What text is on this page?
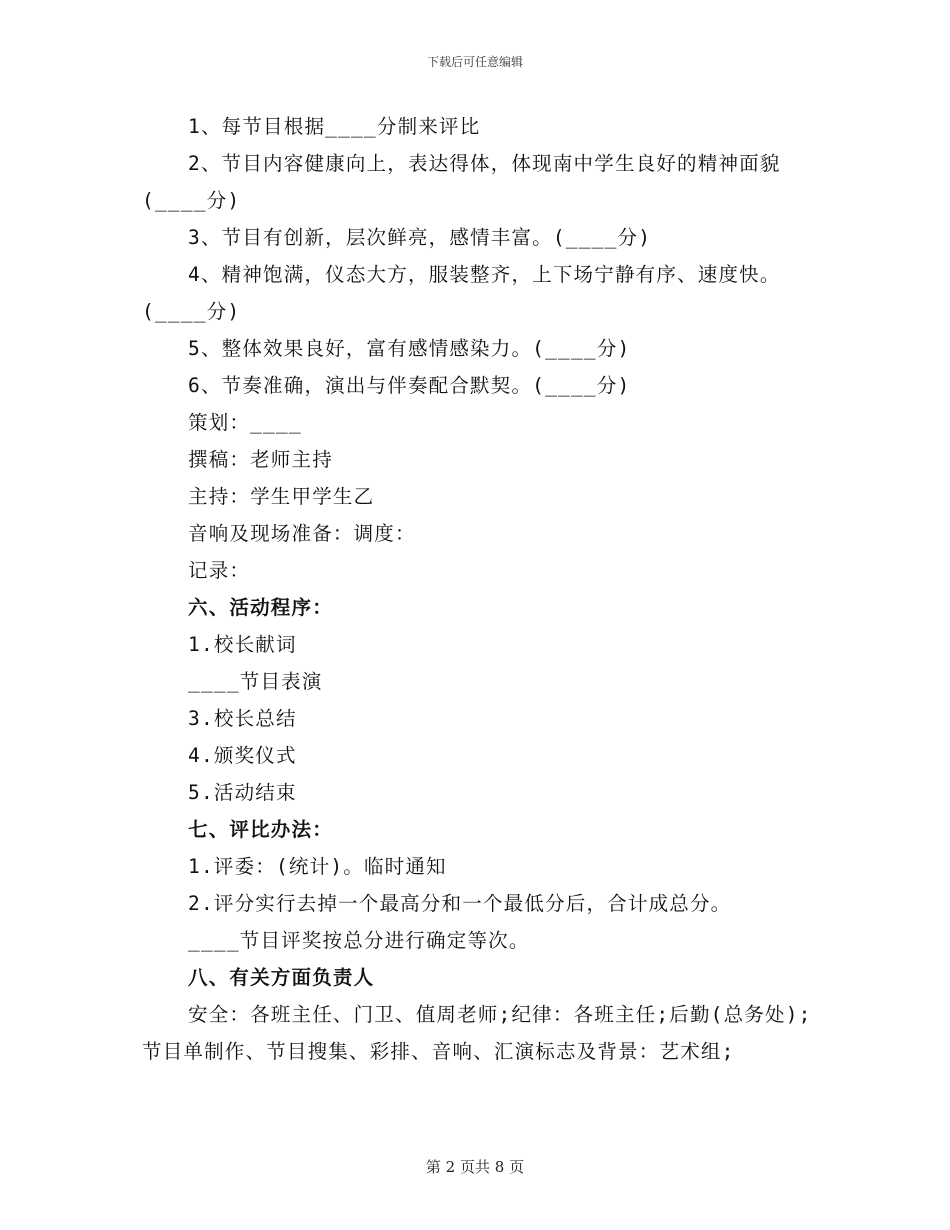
下载后可任意编辑

1、每节目根据____分制来评比

2、节目内容健康向上，表达得体，体现南中学生良好的精神面貌(____分)

3、节目有创新，层次鲜亮，感情丰富。(____分)

4、精神饱满，仪态大方，服装整齐，上下场宁静有序、速度快。(____分)

5、整体效果良好，富有感情感染力。(____分)

6、节奏准确，演出与伴奏配合默契。(____分)

策划：____

撰稿：老师主持

主持：学生甲学生乙

音响及现场准备：调度：

记录：

六、活动程序：

1.校长献词

____节目表演

3.校长总结

4.颁奖仪式

5.活动结束

七、评比办法：

1.评委：(统计)。临时通知

2.评分实行去掉一个最高分和一个最低分后，合计成总分。

____节目评奖按总分进行确定等次。

八、有关方面负责人

安全：各班主任、门卫、值周老师;纪律：各班主任;后勤(总务处);节目单制作、节目搜集、彩排、音响、汇演标志及背景：艺术组;

第 2 页共 8 页
